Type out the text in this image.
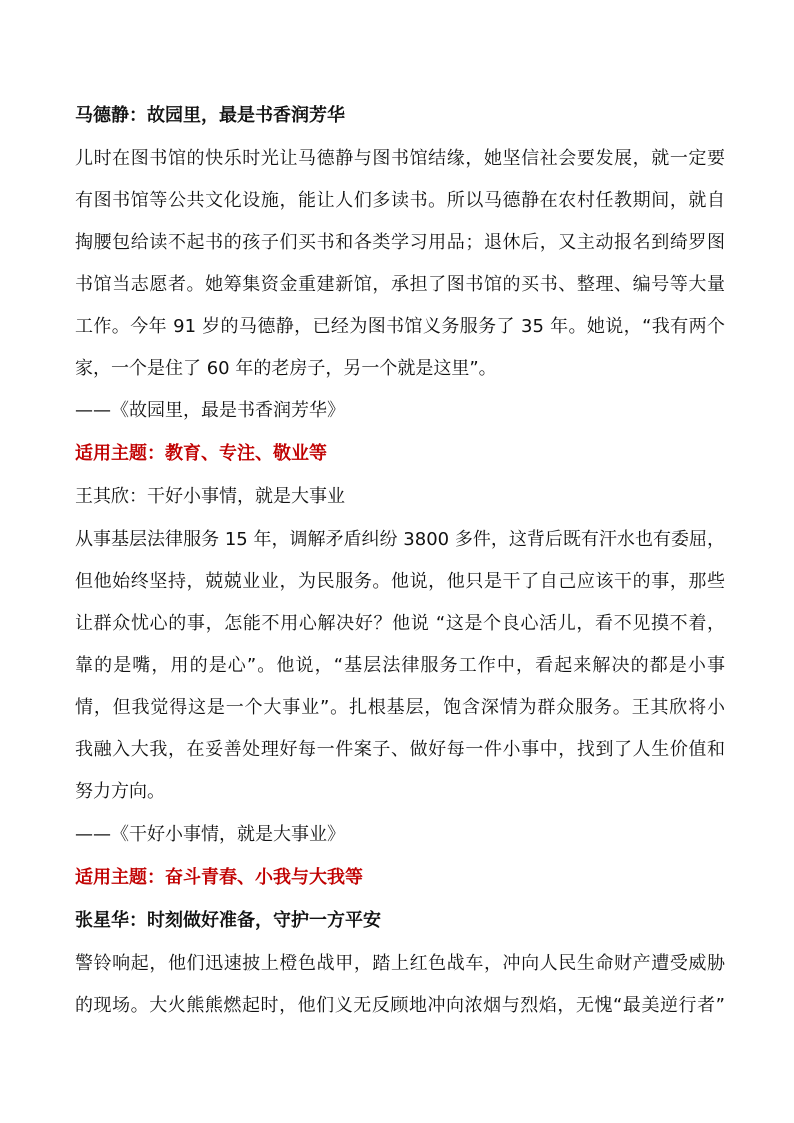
马德静：故园里，最是书香润芳华
儿时在图书馆的快乐时光让马德静与图书馆结缘，她坚信社会要发展，就一定要
有图书馆等公共文化设施，能让人们多读书。所以马德静在农村任教期间，就自
掏腰包给读不起书的孩子们买书和各类学习用品；退休后，又主动报名到绮罗图
书馆当志愿者。她筹集资金重建新馆，承担了图书馆的买书、整理、编号等大量
工作。今年 91 岁的马德静，已经为图书馆义务服务了 35 年。她说，“我有两个
家，一个是住了 60 年的老房子，另一个就是这里”。
——《故园里，最是书香润芳华》
适用主题：教育、专注、敬业等
王其欣：干好小事情，就是大事业
从事基层法律服务 15 年，调解矛盾纠纷 3800 多件，这背后既有汗水也有委屈，
但他始终坚持，兢兢业业，为民服务。他说，他只是干了自己应该干的事，那些
让群众忧心的事，怎能不用心解决好？他说 “这是个良心活儿，看不见摸不着，
靠的是嘴，用的是心”。他说，“基层法律服务工作中，看起来解决的都是小事
情，但我觉得这是一个大事业”。扎根基层，饱含深情为群众服务。王其欣将小
我融入大我，在妥善处理好每一件案子、做好每一件小事中，找到了人生价值和
努力方向。
——《干好小事情，就是大事业》
适用主题：奋斗青春、小我与大我等
张星华：时刻做好准备，守护一方平安
警铃响起，他们迅速披上橙色战甲，踏上红色战车，冲向人民生命财产遭受威胁
的现场。大火熊熊燃起时，他们义无反顾地冲向浓烟与烈焰，无愧“最美逆行者”
